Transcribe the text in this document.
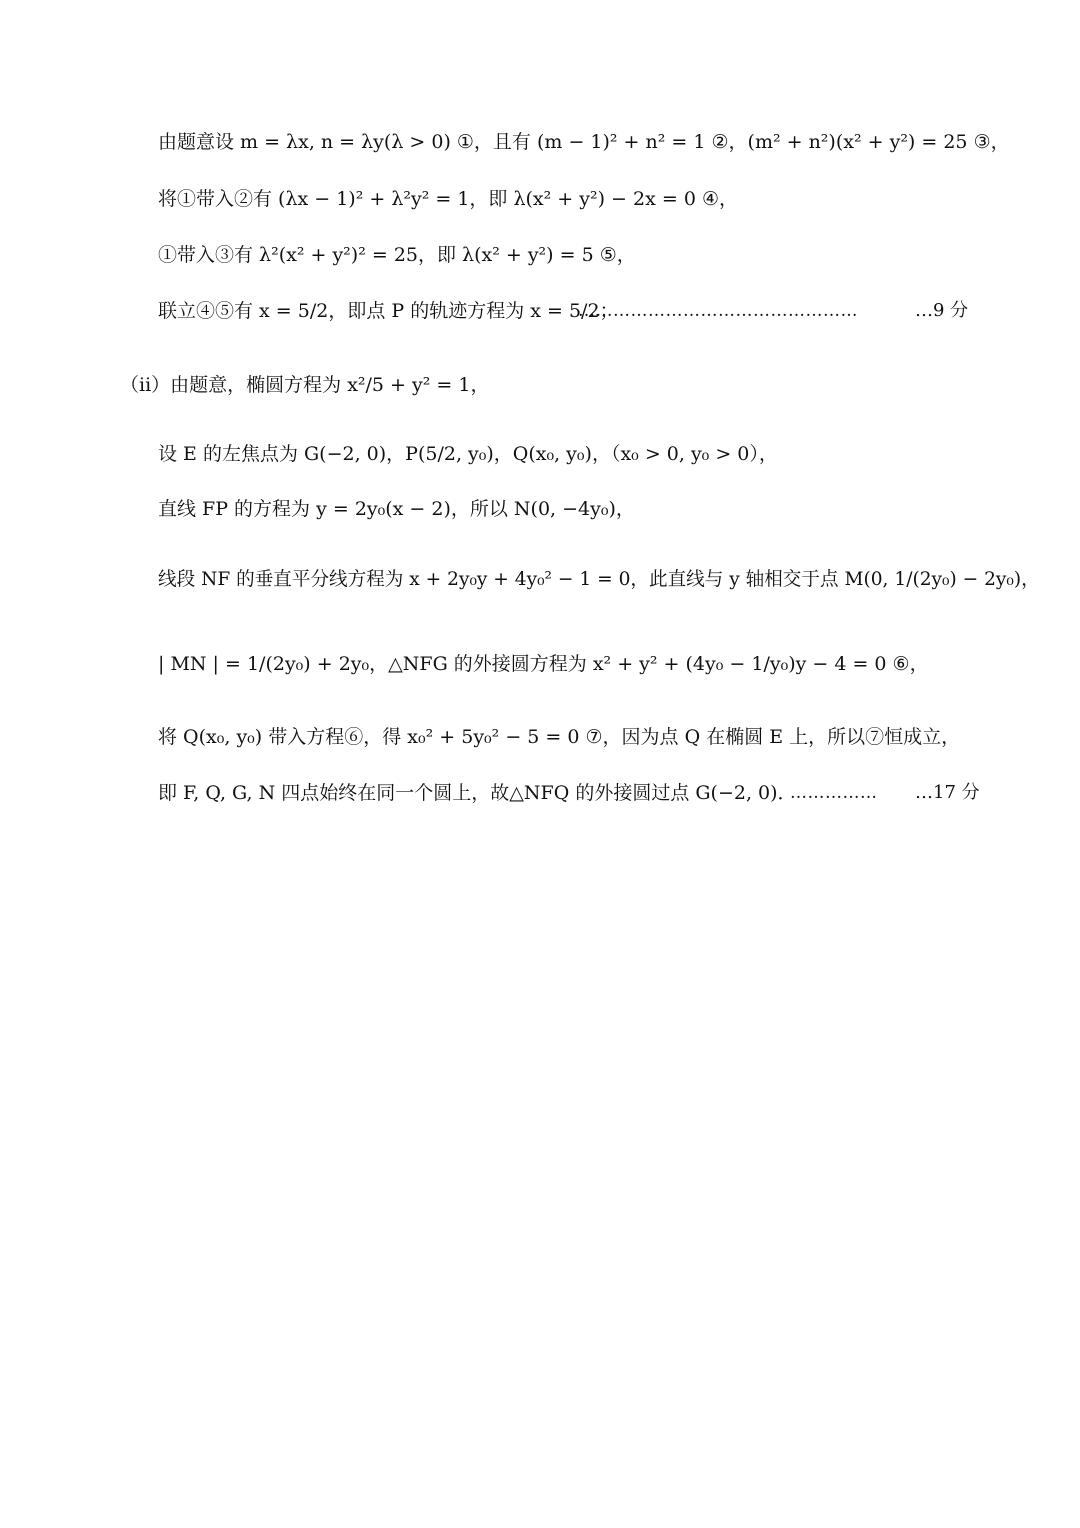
由题意设 m = λx, n = λy(λ > 0) ①，且有 (m − 1)² + n² = 1 ②，(m² + n²)(x² + y²) = 25 ③，
将①带入②有 (λx − 1)² + λ²y² = 1，即 λ(x² + y²) − 2x = 0 ④，
①带入③有 λ²(x² + y²)² = 25，即 λ(x² + y²) = 5 ⑤，
联立④⑤有 x = 5/2，即点 P 的轨迹方程为 x = 5/2；
…………………………………………	…9 分
（ii）由题意，椭圆方程为 x²/5 + y² = 1，
设 E 的左焦点为 G(−2, 0)，P(5/2, y₀)，Q(x₀, y₀)，（x₀ > 0, y₀ > 0），
直线 FP 的方程为 y = 2y₀(x − 2)，所以 N(0, −4y₀)，
线段 NF 的垂直平分线方程为 x + 2y₀y + 4y₀² − 1 = 0，此直线与 y 轴相交于点 M(0, 1/(2y₀) − 2y₀)，
| MN | = 1/(2y₀) + 2y₀，△NFG 的外接圆方程为 x² + y² + (4y₀ − 1/y₀)y − 4 = 0 ⑥，
将 Q(x₀, y₀) 带入方程⑥，得 x₀² + 5y₀² − 5 = 0 ⑦，因为点 Q 在椭圆 E 上，所以⑦恒成立，
即 F, Q, G, N 四点始终在同一个圆上，故△NFQ 的外接圆过点 G(−2, 0)．
…………… …17 分
